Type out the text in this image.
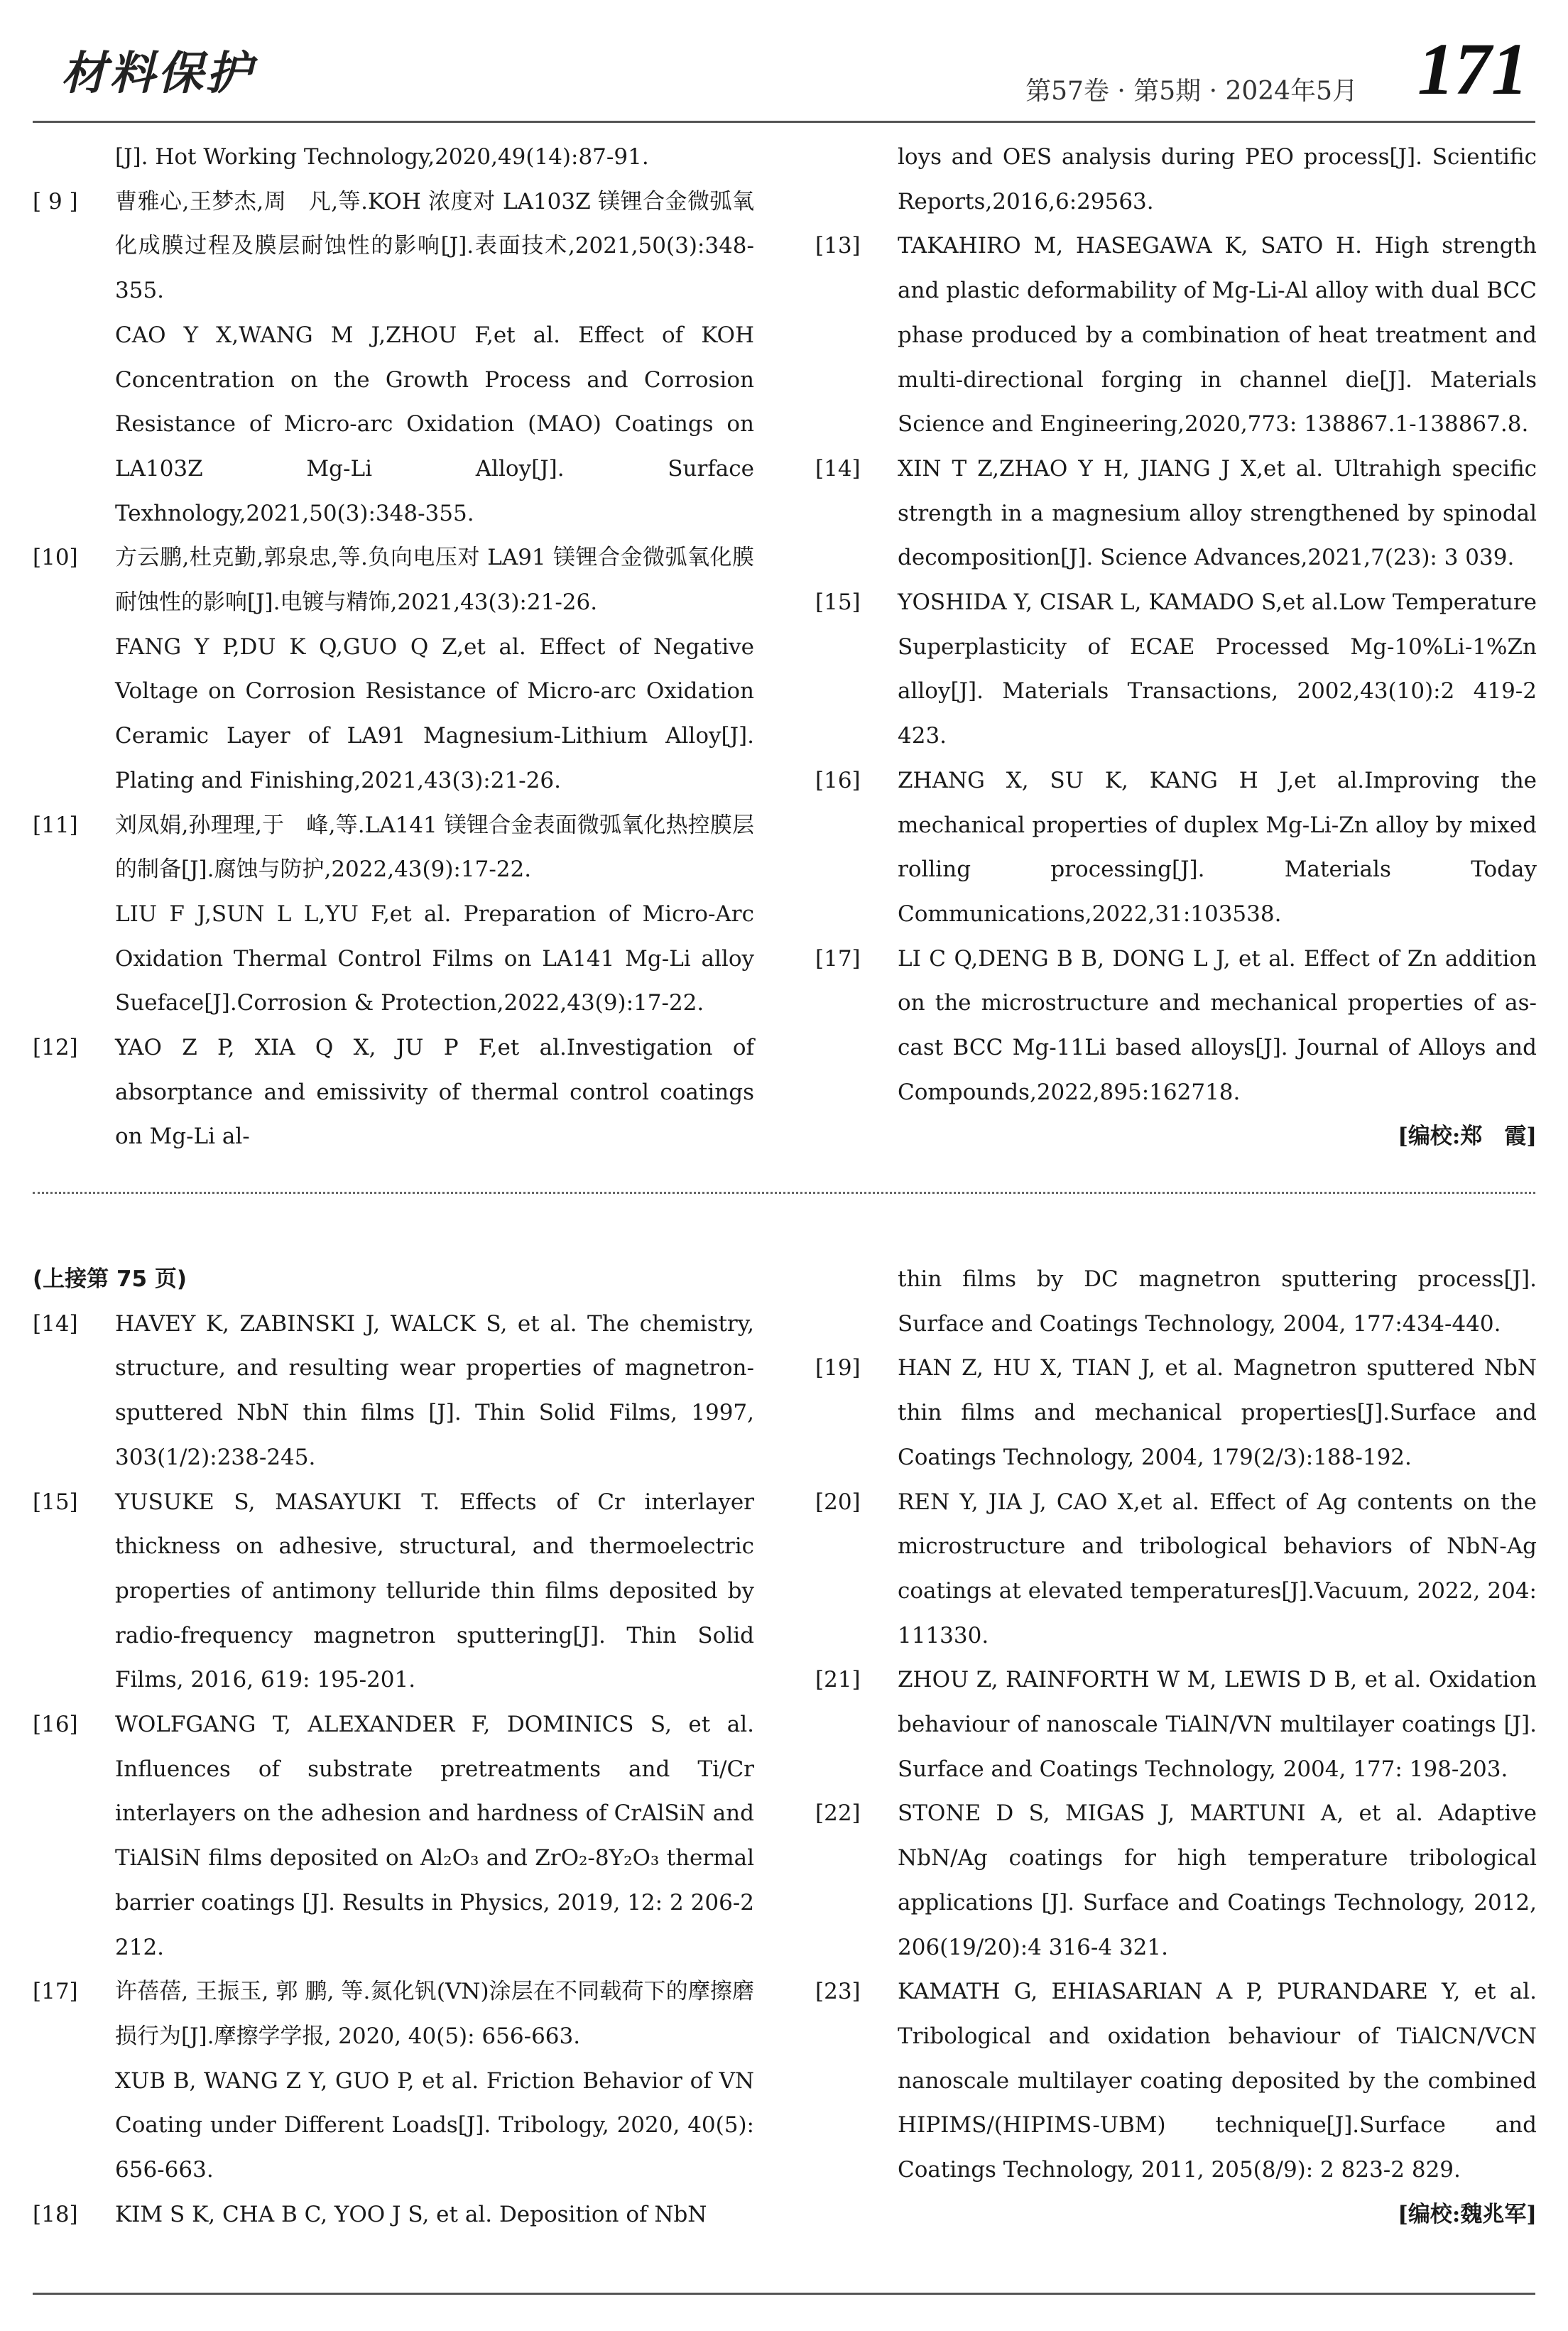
材料保护	第57卷 · 第5期 · 2024年5月 171
[J]. Hot Working Technology,2020,49(14):87-91.
[ 9 ] 曹雅心,王梦杰,周　凡,等.KOH 浓度对 LA103Z 镁锂合金微弧氧化成膜过程及膜层耐蚀性的影响[J].表面技术,2021,50(3):348-355.
CAO Y X,WANG M J,ZHOU F,et al. Effect of KOH Concentration on the Growth Process and Corrosion Resistance of Micro-arc Oxidation (MAO) Coatings on LA103Z Mg-Li Alloy[J]. Surface Texhnology,2021,50(3):348-355.
[10] 方云鹏,杜克勤,郭泉忠,等.负向电压对 LA91 镁锂合金微弧氧化膜耐蚀性的影响[J].电镀与精饰,2021,43(3):21-26.
FANG Y P,DU K Q,GUO Q Z,et al. Effect of Negative Voltage on Corrosion Resistance of Micro-arc Oxidation Ceramic Layer of LA91 Magnesium-Lithium Alloy[J]. Plating and Finishing,2021,43(3):21-26.
[11] 刘凤娟,孙理理,于　峰,等.LA141 镁锂合金表面微弧氧化热控膜层的制备[J].腐蚀与防护,2022,43(9):17-22.
LIU F J,SUN L L,YU F,et al. Preparation of Micro-Arc Oxidation Thermal Control Films on LA141 Mg-Li alloy Sueface[J].Corrosion & Protection,2022,43(9):17-22.
[12] YAO Z P, XIA Q X, JU P F,et al.Investigation of absorptance and emissivity of thermal control coatings on Mg-Li al-
loys and OES analysis during PEO process[J]. Scientific Reports,2016,6:29563.
[13] TAKAHIRO M, HASEGAWA K, SATO H. High strength and plastic deformability of Mg-Li-Al alloy with dual BCC phase produced by a combination of heat treatment and multi-directional forging in channel die[J]. Materials Science and Engineering,2020,773: 138867.1-138867.8.
[14] XIN T Z,ZHAO Y H, JIANG J X,et al. Ultrahigh specific strength in a magnesium alloy strengthened by spinodal decomposition[J]. Science Advances,2021,7(23): 3 039.
[15] YOSHIDA Y, CISAR L, KAMADO S,et al.Low Temperature Superplasticity of ECAE Processed Mg-10%Li-1%Zn alloy[J]. Materials Transactions, 2002,43(10):2 419-2 423.
[16] ZHANG X, SU K, KANG H J,et al.Improving the mechanical properties of duplex Mg-Li-Zn alloy by mixed rolling processing[J]. Materials Today Communications,2022,31:103538.
[17] LI C Q,DENG B B, DONG L J, et al. Effect of Zn addition on the microstructure and mechanical properties of as-cast BCC Mg-11Li based alloys[J]. Journal of Alloys and Compounds,2022,895:162718.
[编校:郑　霞]
(上接第 75 页)
[14] HAVEY K, ZABINSKI J, WALCK S, et al. The chemistry, structure, and resulting wear properties of magnetron-sputtered NbN thin films [J]. Thin Solid Films, 1997, 303(1/2):238-245.
[15] YUSUKE S, MASAYUKI T. Effects of Cr interlayer thickness on adhesive, structural, and thermoelectric properties of antimony telluride thin films deposited by radio-frequency magnetron sputtering[J]. Thin Solid Films, 2016, 619: 195-201.
[16] WOLFGANG T, ALEXANDER F, DOMINICS S, et al. Influences of substrate pretreatments and Ti/Cr interlayers on the adhesion and hardness of CrAlSiN and TiAlSiN films deposited on Al₂O₃ and ZrO₂-8Y₂O₃ thermal barrier coatings [J]. Results in Physics, 2019, 12: 2 206-2 212.
[17] 许蓓蓓, 王振玉, 郭 鹏, 等.氮化钒(VN)涂层在不同载荷下的摩擦磨损行为[J].摩擦学学报, 2020, 40(5): 656-663.
XUB B, WANG Z Y, GUO P, et al. Friction Behavior of VN Coating under Different Loads[J]. Tribology, 2020, 40(5): 656-663.
[18] KIM S K, CHA B C, YOO J S, et al. Deposition of NbN
thin films by DC magnetron sputtering process[J]. Surface and Coatings Technology, 2004, 177:434-440.
[19] HAN Z, HU X, TIAN J, et al. Magnetron sputtered NbN thin films and mechanical properties[J].Surface and Coatings Technology, 2004, 179(2/3):188-192.
[20] REN Y, JIA J, CAO X,et al. Effect of Ag contents on the microstructure and tribological behaviors of NbN-Ag coatings at elevated temperatures[J].Vacuum, 2022, 204: 111330.
[21] ZHOU Z, RAINFORTH W M, LEWIS D B, et al. Oxidation behaviour of nanoscale TiAlN/VN multilayer coatings [J]. Surface and Coatings Technology, 2004, 177: 198-203.
[22] STONE D S, MIGAS J, MARTUNI A, et al. Adaptive NbN/Ag coatings for high temperature tribological applications [J]. Surface and Coatings Technology, 2012, 206(19/20):4 316-4 321.
[23] KAMATH G, EHIASARIAN A P, PURANDARE Y, et al. Tribological and oxidation behaviour of TiAlCN/VCN nanoscale multilayer coating deposited by the combined HIPIMS/(HIPIMS-UBM) technique[J].Surface and Coatings Technology, 2011, 205(8/9): 2 823-2 829.
[编校:魏兆军]
